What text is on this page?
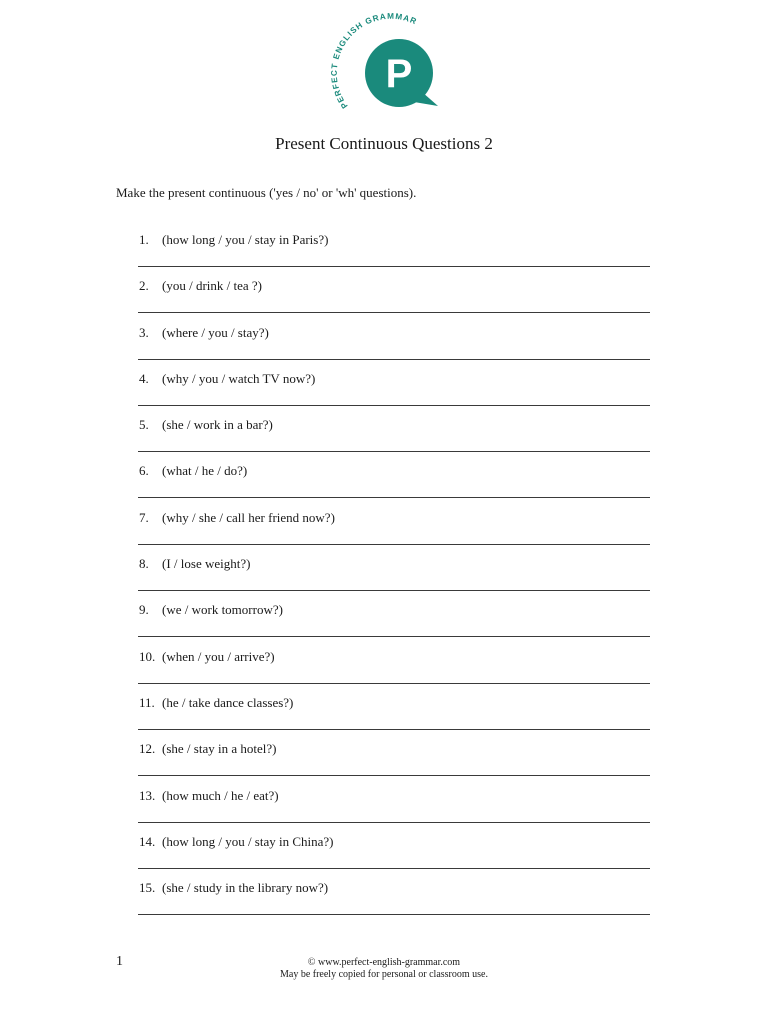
PERFECT ENGLISH GRAMMAR
P
Present Continuous Questions 2
Make the present continuous ('yes / no' or 'wh' questions).
1. (how long / you / stay in Paris?)
2. (you / drink / tea ?)
3. (where / you / stay?)
4. (why / you / watch TV now?)
5. (she / work in a bar?)
6. (what / he / do?)
7. (why / she / call her friend now?)
8. (I / lose weight?)
9. (we / work tomorrow?)
10. (when / you / arrive?)
11. (he / take dance classes?)
12. (she / stay in a hotel?)
13. (how much / he / eat?)
14. (how long / you / stay in China?)
15. (she / study in the library now?)
1	© www.perfect-english-grammar.com
May be freely copied for personal or classroom use.
